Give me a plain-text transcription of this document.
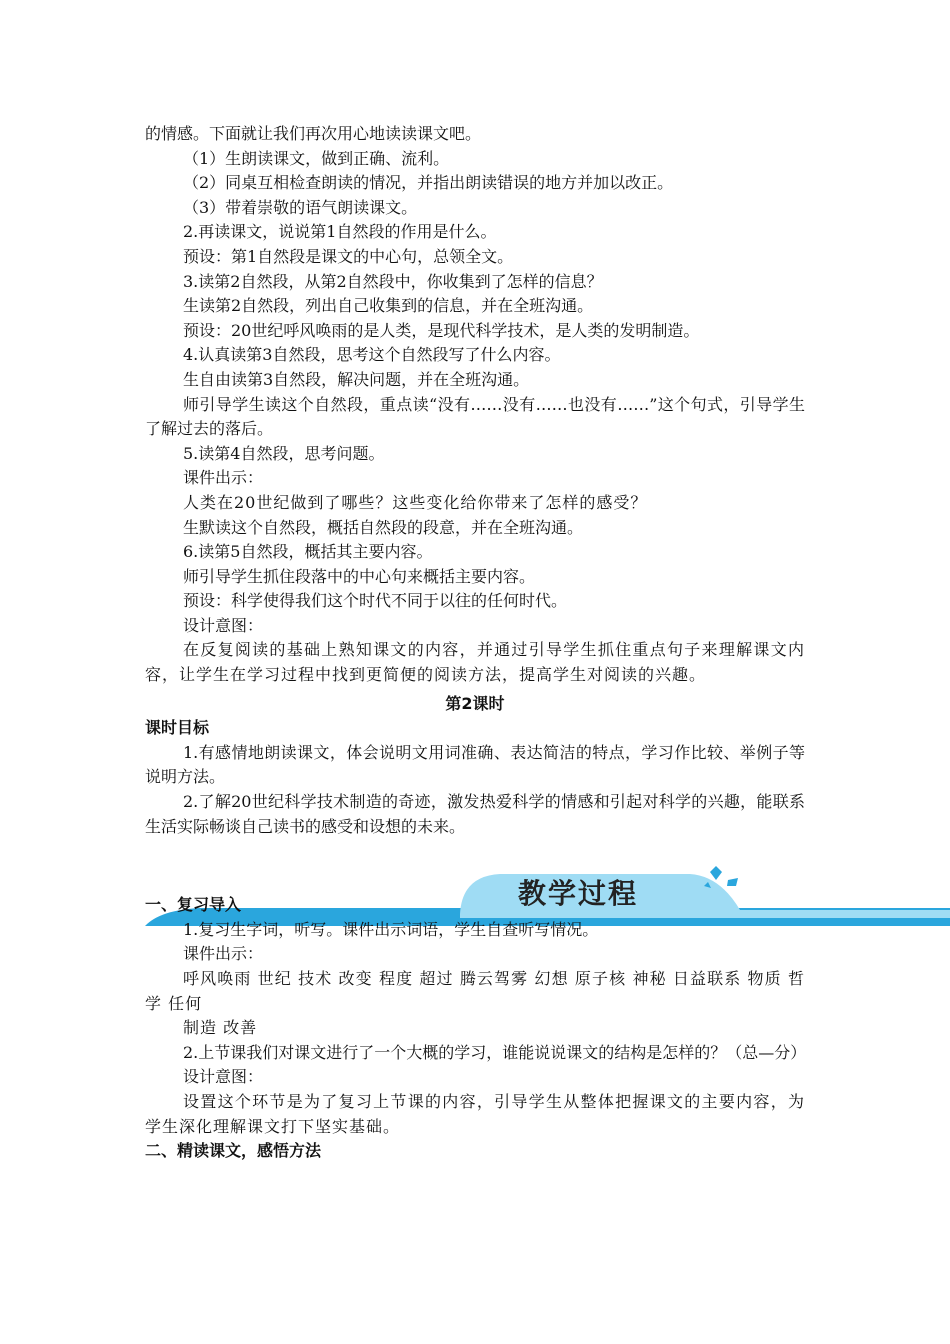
教学过程

的情感。下面就让我们再次用心地读读课文吧。

（1）生朗读课文，做到正确、流利。

（2）同桌互相检查朗读的情况，并指出朗读错误的地方并加以改正。

（3）带着崇敬的语气朗读课文。

2.再读课文，说说第1自然段的作用是什么。

预设：第1自然段是课文的中心句，总领全文。

3.读第2自然段，从第2自然段中，你收集到了怎样的信息？

生读第2自然段，列出自己收集到的信息，并在全班沟通。

预设：20世纪呼风唤雨的是人类，是现代科学技术，是人类的发明制造。

4.认真读第3自然段，思考这个自然段写了什么内容。

生自由读第3自然段，解决问题，并在全班沟通。

师引导学生读这个自然段，重点读“没有……没有……也没有……”这个句式，引导学生了解过去的落后。

5.读第4自然段，思考问题。

课件出示：

人类在20世纪做到了哪些？这些变化给你带来了怎样的感受？

生默读这个自然段，概括自然段的段意，并在全班沟通。

6.读第5自然段，概括其主要内容。

师引导学生抓住段落中的中心句来概括主要内容。

预设：科学使得我们这个时代不同于以往的任何时代。

设计意图：

在反复阅读的基础上熟知课文的内容，并通过引导学生抓住重点句子来理解课文内容，让学生在学习过程中找到更简便的阅读方法，提高学生对阅读的兴趣。

第2课时

课时目标

1.有感情地朗读课文，体会说明文用词准确、表达简洁的特点，学习作比较、举例子等说明方法。

2.了解20世纪科学技术制造的奇迹，激发热爱科学的情感和引起对科学的兴趣，能联系生活实际畅谈自己读书的感受和设想的未来。

一、复习导入

1.复习生字词，听写。课件出示词语，学生自查听写情况。

课件出示：

呼风唤雨 世纪 技术 改变 程度 超过 腾云驾雾 幻想 原子核 神秘 日益联系 物质 哲学 任何

制造 改善

2.上节课我们对课文进行了一个大概的学习，谁能说说课文的结构是怎样的？（总—分）

设计意图：

设置这个环节是为了复习上节课的内容，引导学生从整体把握课文的主要内容，为学生深化理解课文打下坚实基础。

二、精读课文，感悟方法
